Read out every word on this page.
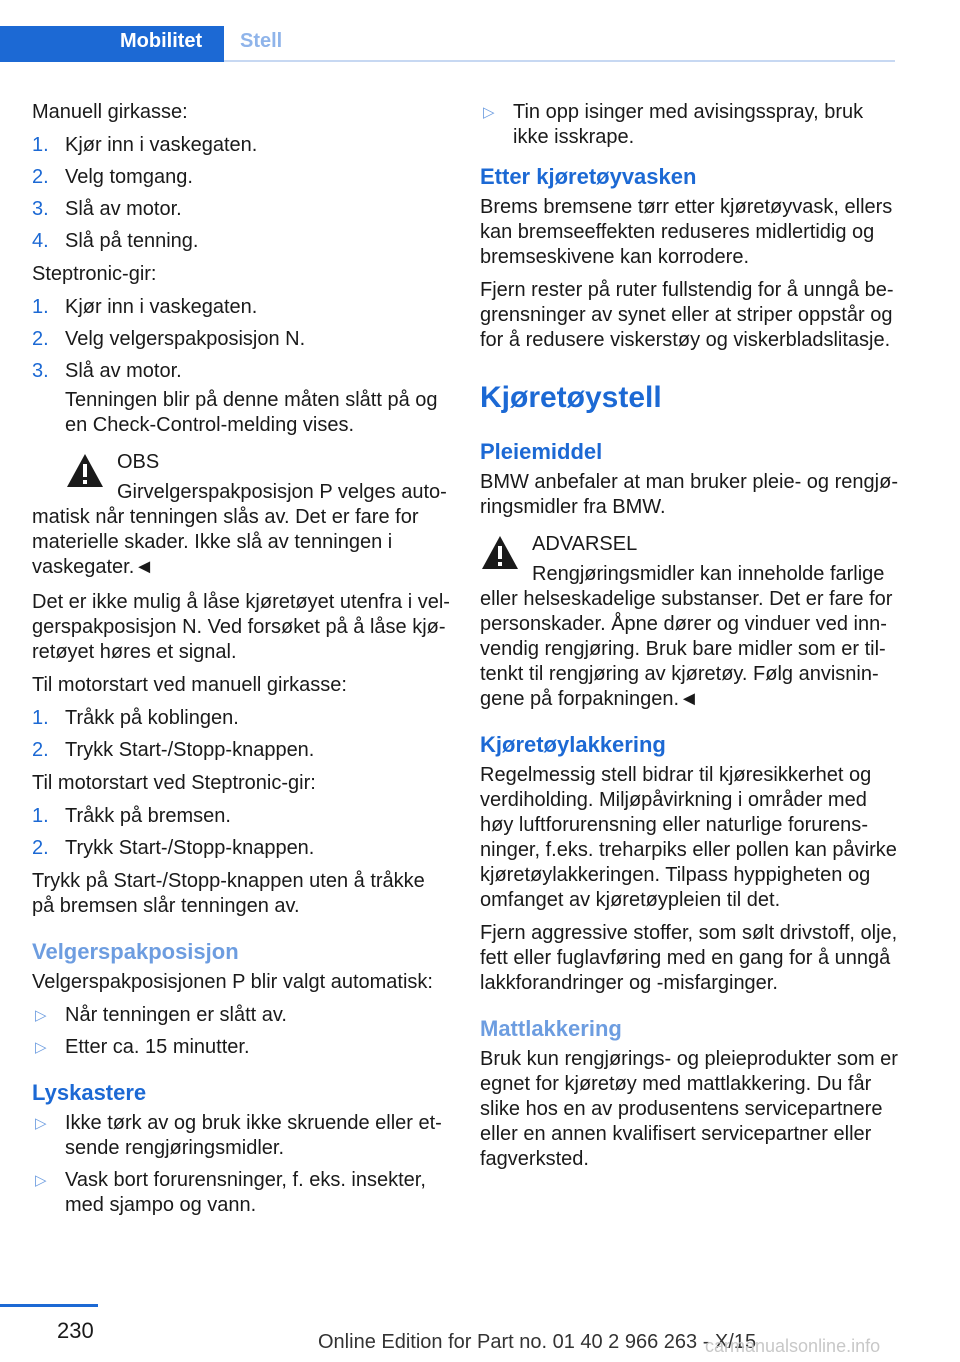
Mobilitet	Stell

Manuell girkasse:

1. Kjør inn i vaskegaten.
2. Velg tomgang.
3. Slå av motor.
4. Slå på tenning.

Steptronic-gir:

1. Kjør inn i vaskegaten.
2. Velg velgerspakposisjon N.
3. Slå av motor.
Tenningen blir på denne måten slått på og en Check-Control-melding vises.
OBS
Girvelgerspakposisjon P velges automatisk når tenningen slås av. Det er fare for materielle skader. Ikke slå av tenningen i vaskegater.◄

Det er ikke mulig å låse kjøretøyet utenfra i velgerspakposisjon N. Ved forsøket på å låse kjøretøyet høres et signal.

Til motorstart ved manuell girkasse:

1. Tråkk på koblingen.
2. Trykk Start-/Stopp-knappen.

Til motorstart ved Steptronic-gir:

1. Tråkk på bremsen.
2. Trykk Start-/Stopp-knappen.

Trykk på Start-/Stopp-knappen uten å tråkke på bremsen slår tenningen av.

Velgerspakposisjon

Velgerspakposisjonen P blir valgt automatisk:

▷ Når tenningen er slått av.
▷ Etter ca. 15 minutter.
Lyskastere
▷ Ikke tørk av og bruk ikke skruende eller etsende rengjøringsmidler.
▷ Vask bort forurensninger, f. eks. insekter, med sjampo og vann.
▷ Tin opp isinger med avisingsspray, bruk ikke isskrape.
Etter kjøretøyvasken

Brems bremsene tørr etter kjøretøyvask, ellers kan bremseeffekten reduseres midlertidig og bremseskivene kan korrodere.

Fjern rester på ruter fullstendig for å unngå begrensninger av synet eller at striper oppstår og for å redusere viskerstøy og viskerbladslitasje.

Kjøretøystell
Pleiemiddel

BMW anbefaler at man bruker pleie- og rengjøringsmidler fra BMW.

ADVARSEL
Rengjøringsmidler kan inneholde farlige eller helseskadelige substanser. Det er fare for personskader. Åpne dører og vinduer ved innvendig rengjøring. Bruk bare midler som er tiltenkt til rengjøring av kjøretøy. Følg anvisningene på forpakningen.◄
Kjøretøylakkering

Regelmessig stell bidrar til kjøresikkerhet og verdiholding. Miljøpåvirkning i områder med høy luftforurensning eller naturlige forurensninger, f.eks. treharpiks eller pollen kan påvirke kjøretøylakkeringen. Tilpass hyppigheten og omfanget av kjøretøypleien til det.

Fjern aggressive stoffer, som sølt drivstoff, olje, fett eller fuglavføring med en gang for å unngå lakkforandringer og -misfarginger.

Mattlakkering

Bruk kun rengjørings- og pleieprodukter som er egnet for kjøretøy med mattlakkering. Du får slike hos en av produsentens servicepartnere eller en annen kvalifisert servicepartner eller fagverksted.

230	Online Edition for Part no. 01 40 2 966 263 - X/15
carmanualsonline.info
